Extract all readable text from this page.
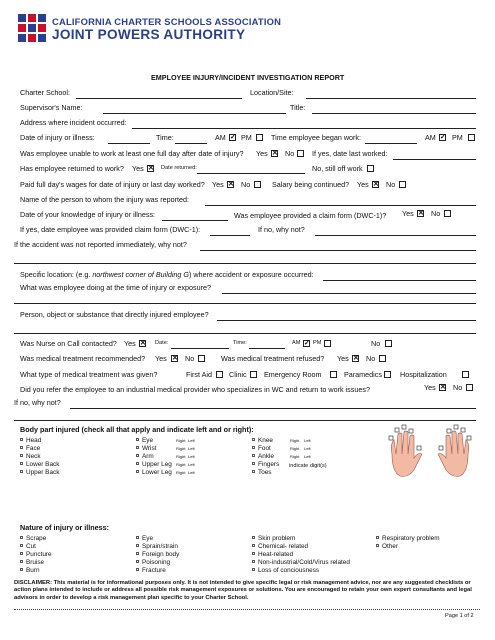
CALIFORNIA CHARTER SCHOOLS ASSOCIATION
JOINT POWERS AUTHORITY
EMPLOYEE INJURY/INCIDENT INVESTIGATION REPORT
Charter School:	Location/Site:
Supervisor's Name:	Title:
Address where incident occurred:
Date of injury or illness:	Time:	AM ✓ PM	Time employee began work:	AM ✓ PM
Was employee unable to work at least one full day after date of injury? Yes ✕ No If yes, date last worked:
Has employee returned to work? Yes ✕	Date returned:	No, still off work
Paid full day's wages for date of injury or last day worked? Yes ✕ No	Salary being continued? Yes ✕ No
Name of the person to whom the injury was reported:
Date of your knowledge of injury or illness:	Was employee provided a claim form (DWC-1)? Yes ✕ No
If yes, date employee was provided claim form (DWC-1):	If no, why not?
If the accident was not reported immediately, why not?
Specific location: (e.g. northwest corner of Building G) where accident or exposure occurred:
What was employee doing at the time of injury or exposure?
Person, object or substance that directly injured employee?
Was Nurse on Call contacted? Yes ✕	Date:	Time:	AM ✓ PM	No
Was medical treatment recommended? Yes ✕	No	Was medical treatment refused? Yes ✕ No
What type of medical treatment was given?	First Aid Clinic Emergency Room	Paramedics	Hospitalization
Did you refer the employee to an industrial medical provider who specializes in WC and return to work issues?	Yes ✕ No
If no, why not?
Body part injured (check all that apply and indicate left and or right):
Head
Face
Neck
Lower Back
Upper Back
Eye
Wrist
Arm
Upper Leg
Lower Leg
Right Left
Right Left
Right Left
Right Left
Right Left
Knee
Foot
Ankle
Fingers
Toes
Right Left
Right Left
Right Left
indicate digit(s)
Nature of injury or illness:
Scrape
Cut
Puncture
Bruise
Burn
Eye
Sprain/strain
Foreign body
Poisoning
Fracture
Skin problem
Chemical- related
Heat-related
Non-industrial/Cold/Virus related
Loss of conciousness
Respiratory problem
Other
DISCLAIMER: This material is for informational purposes only. It is not intended to give specific legal or risk management advice, nor are any suggested checklists or action plans intended to include or address all possible risk management exposures or solutions. You are encouraged to retain your own expert consultants and legal advisors in order to develop a risk management plan specific to your Charter School.
Page 1 of 2
